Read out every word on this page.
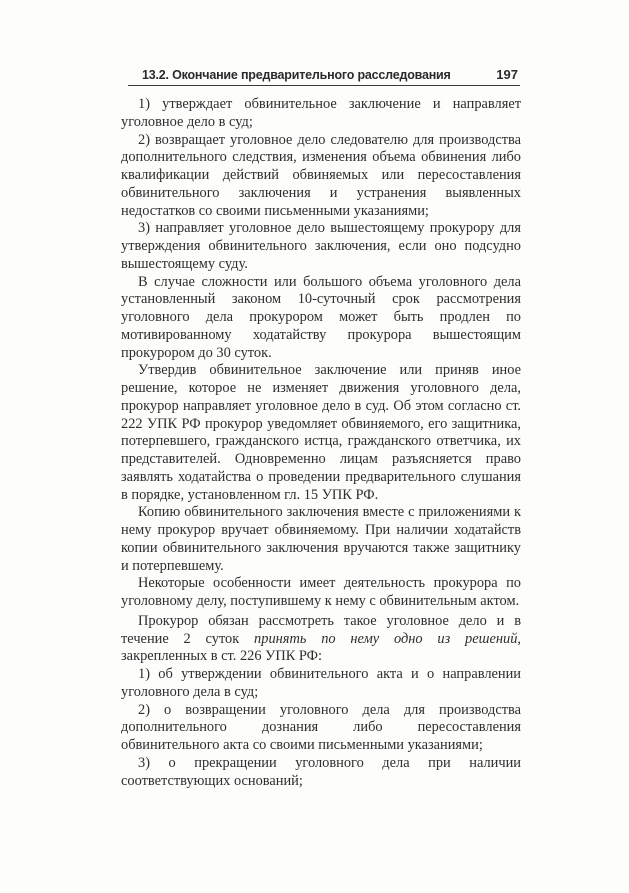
13.2. Окончание предварительного расследования	197

1) утверждает обвинительное заключение и направляет уголовное дело в суд;

2) возвращает уголовное дело следователю для производства дополнительного следствия, изменения объема обвинения либо квалификации действий обвиняемых или пересоставления обвинительного заключения и устранения выявленных недостатков со своими письменными указаниями;

3) направляет уголовное дело вышестоящему прокурору для утверждения обвинительного заключения, если оно подсудно вышестоящему суду.

В случае сложности или большого объема уголовного дела установленный законом 10-суточный срок рассмотрения уголовного дела прокурором может быть продлен по мотивированному ходатайству прокурора вышестоящим прокурором до 30 суток.

Утвердив обвинительное заключение или приняв иное решение, которое не изменяет движения уголовного дела, прокурор направляет уголовное дело в суд. Об этом согласно ст. 222 УПК РФ прокурор уведомляет обвиняемого, его защитника, потерпевшего, гражданского истца, гражданского ответчика, их представителей. Одновременно лицам разъясняется право заявлять ходатайства о проведении предварительного слушания в порядке, установленном гл. 15 УПК РФ.

Копию обвинительного заключения вместе с приложениями к нему прокурор вручает обвиняемому. При наличии ходатайств копии обвинительного заключения вручаются также защитнику и потерпевшему.

Некоторые особенности имеет деятельность прокурора по уголовному делу, поступившему к нему с обвинительным актом.

Прокурор обязан рассмотреть такое уголовное дело и в течение 2 суток принять по нему одно из решений, закрепленных в ст. 226 УПК РФ:

1) об утверждении обвинительного акта и о направлении уголовного дела в суд;

2) о возвращении уголовного дела для производства дополнительного дознания либо пересоставления обвинительного акта со своими письменными указаниями;

3) о прекращении уголовного дела при наличии соответствующих оснований;
